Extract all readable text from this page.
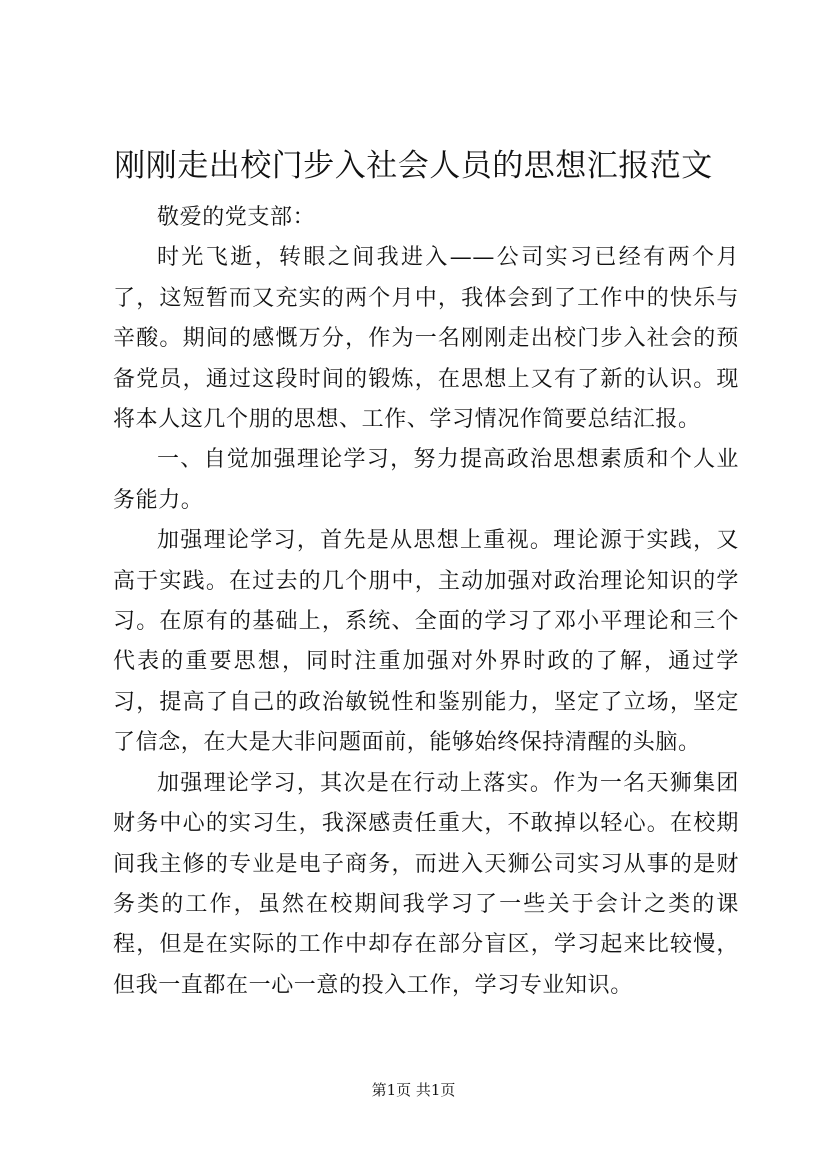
刚刚走出校门步入社会人员的思想汇报范文

敬爱的党支部：

时光飞逝，转眼之间我进入——公司实习已经有两个月了，这短暂而又充实的两个月中，我体会到了工作中的快乐与辛酸。期间的感慨万分，作为一名刚刚走出校门步入社会的预备党员，通过这段时间的锻炼，在思想上又有了新的认识。现将本人这几个朋的思想、工作、学习情况作简要总结汇报。

一、自觉加强理论学习，努力提高政治思想素质和个人业务能力。

加强理论学习，首先是从思想上重视。理论源于实践，又高于实践。在过去的几个朋中，主动加强对政治理论知识的学习。在原有的基础上，系统、全面的学习了邓小平理论和三个代表的重要思想，同时注重加强对外界时政的了解，通过学习，提高了自己的政治敏锐性和鉴别能力，坚定了立场，坚定了信念，在大是大非问题面前，能够始终保持清醒的头脑。

加强理论学习，其次是在行动上落实。作为一名天狮集团财务中心的实习生，我深感责任重大，不敢掉以轻心。在校期间我主修的专业是电子商务，而进入天狮公司实习从事的是财务类的工作，虽然在校期间我学习了一些关于会计之类的课程，但是在实际的工作中却存在部分盲区，学习起来比较慢，但我一直都在一心一意的投入工作，学习专业知识。

第1页 共1页
